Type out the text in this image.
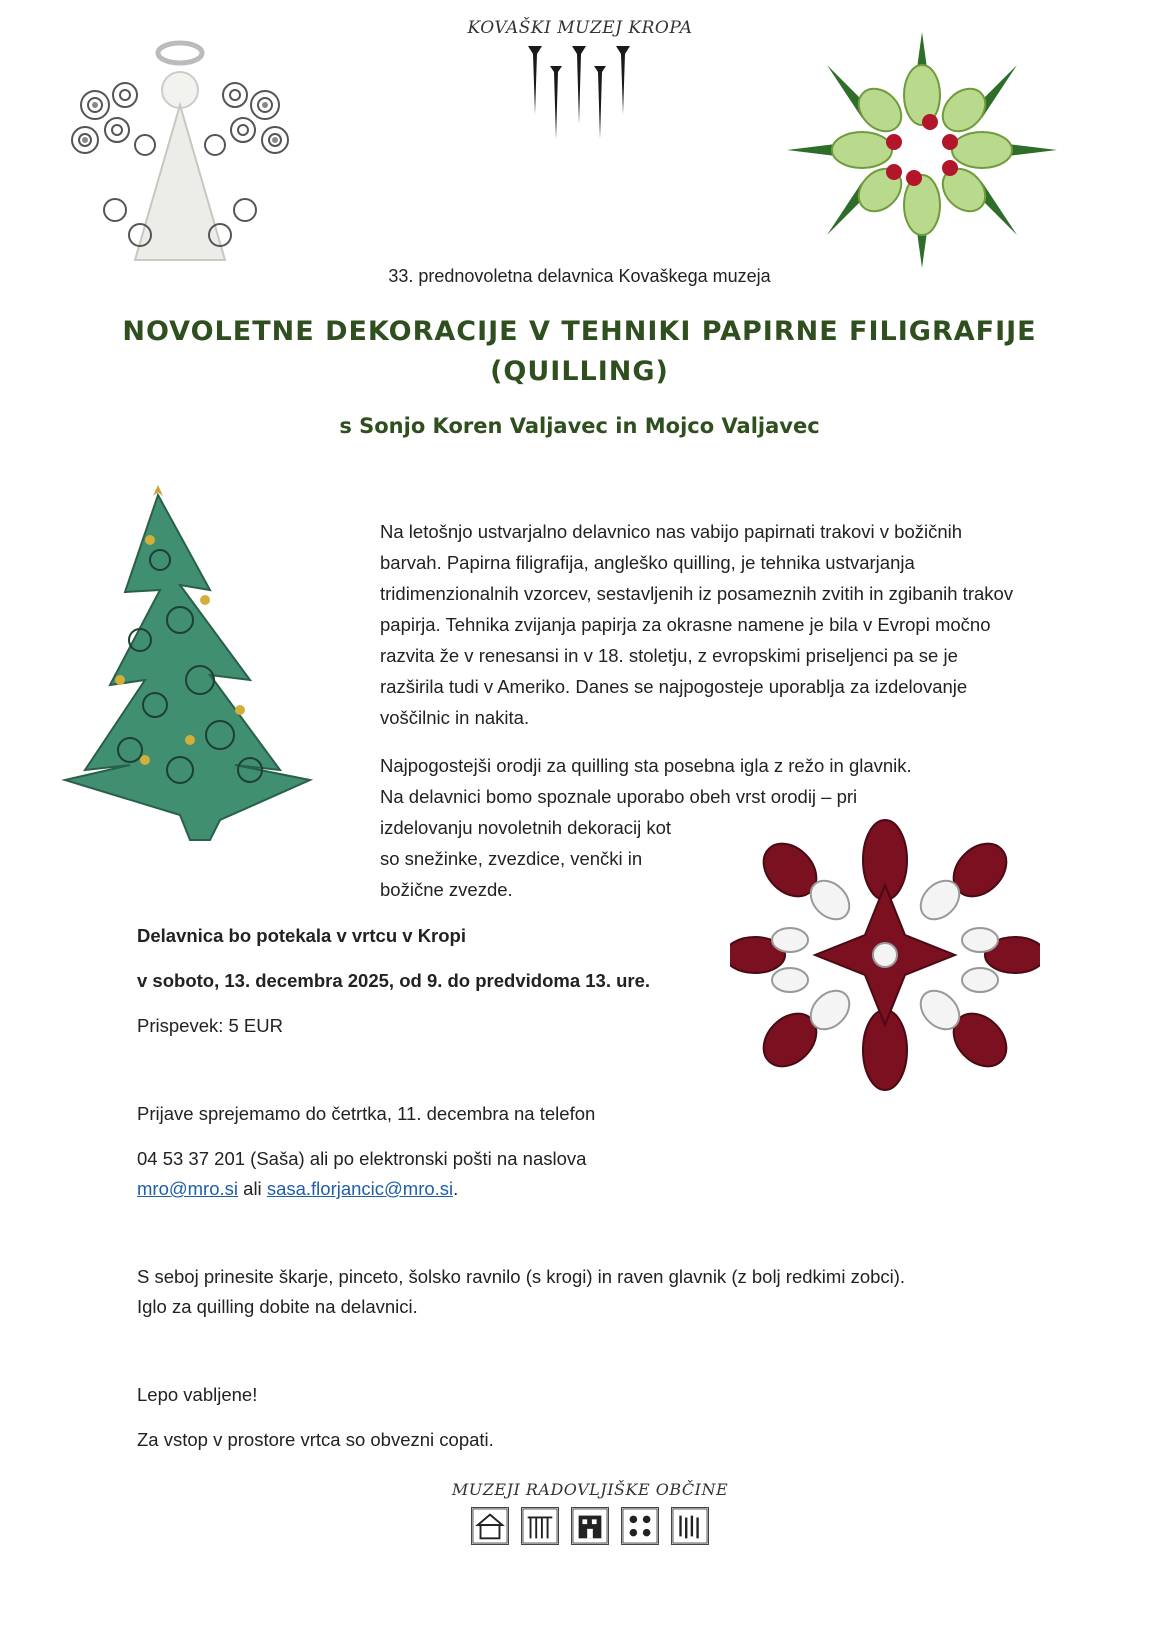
KOVAŠKI MUZEJ KROPA
33. prednovoletna delavnica Kovaškega muzeja
NOVOLETNE DEKORACIJE V TEHNIKI PAPIRNE FILIGRAFIJE
(QUILLING)
s Sonjo Koren Valjavec in Mojco Valjavec
Na letošnjo ustvarjalno delavnico nas vabijo papirnati trakovi v božičnih barvah. Papirna filigrafija, angleško quilling, je tehnika ustvarjanja tridimenzionalnih vzorcev, sestavljenih iz posameznih zvitih in zgibanih trakov papirja. Tehnika zvijanja papirja za okrasne namene je bila v Evropi močno razvita že v renesansi in v 18. stoletju, z evropskimi priseljenci pa se je razširila tudi v Ameriko. Danes se najpogosteje uporablja za izdelovanje voščilnic in nakita.
Najpogostejši orodji za quilling sta posebna igla z režo in glavnik.
Na delavnici bomo spoznale uporabo obeh vrst orodij – pri
izdelovanju novoletnih dekoracij kot
so snežinke, zvezdice, venčki in
božične zvezde.
Delavnica bo potekala v vrtcu v Kropi
v soboto, 13. decembra 2025, od 9. do predvidoma 13. ure.
Prispevek: 5 EUR
Prijave sprejemamo do četrtka, 11. decembra na telefon
04 53 37 201 (Saša) ali po elektronski pošti na naslova
mro@mro.si ali sasa.florjancic@mro.si.
S seboj prinesite škarje, pinceto, šolsko ravnilo (s krogi) in raven glavnik (z bolj redkimi zobci).
Iglo za quilling dobite na delavnici.
Lepo vabljene!
Za vstop v prostore vrtca so obvezni copati.
MUZEJI RADOVLJIŠKE OBČINE
